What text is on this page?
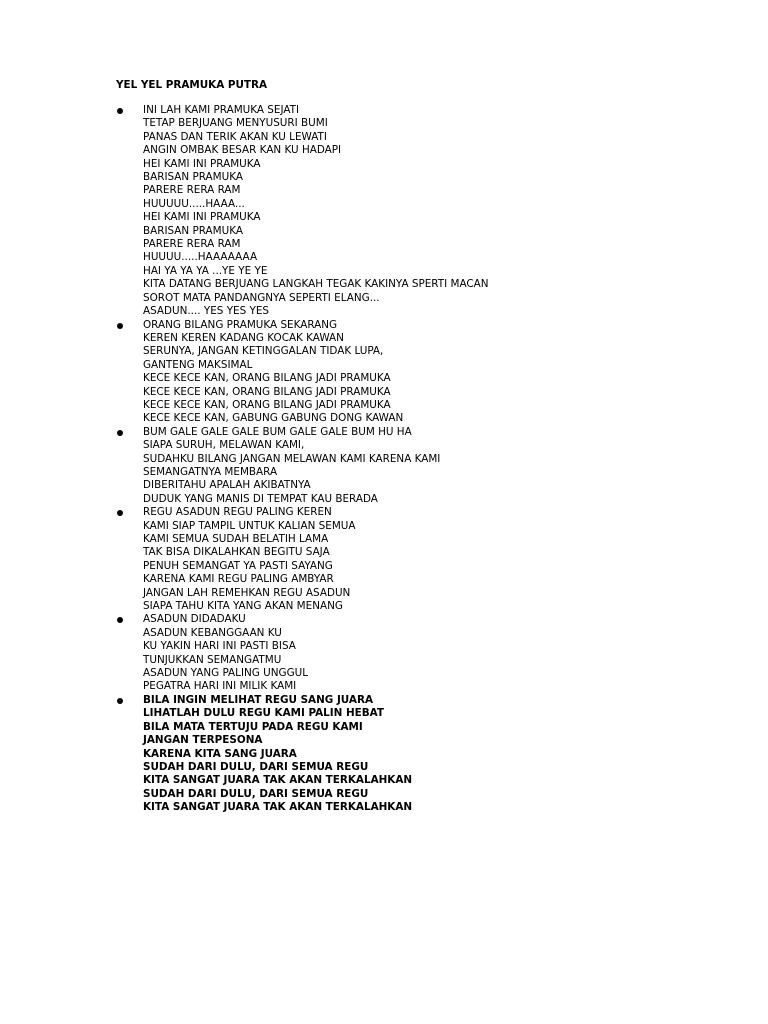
YEL YEL PRAMUKA PUTRA
INI LAH KAMI PRAMUKA SEJATI
TETAP BERJUANG MENYUSURI BUMI
PANAS DAN TERIK AKAN KU LEWATI
ANGIN OMBAK BESAR KAN KU HADAPI
HEI KAMI INI PRAMUKA
BARISAN PRAMUKA
PARERE RERA RAM
HUUUUU.....HAAA...
HEI KAMI INI PRAMUKA
BARISAN PRAMUKA
PARERE RERA RAM
HUUUU.....HAAAAAAA
HAI YA YA YA ...YE YE YE
KITA DATANG BERJUANG LANGKAH TEGAK KAKINYA SPERTI MACAN
SOROT MATA PANDANGNYA SEPERTI ELANG...
ASADUN.... YES YES YES
ORANG BILANG PRAMUKA SEKARANG
KEREN KEREN KADANG KOCAK KAWAN
SERUNYA, JANGAN KETINGGALAN TIDAK LUPA,
GANTENG MAKSIMAL
KECE KECE KAN, ORANG BILANG JADI PRAMUKA
KECE KECE KAN, ORANG BILANG JADI PRAMUKA
KECE KECE KAN, ORANG BILANG JADI PRAMUKA
KECE KECE KAN, GABUNG GABUNG DONG KAWAN
BUM GALE GALE GALE BUM GALE GALE BUM HU HA
SIAPA SURUH, MELAWAN KAMI,
SUDAHKU BILANG JANGAN MELAWAN KAMI KARENA KAMI
SEMANGATNYA MEMBARA
DIBERITAHU APALAH AKIBATNYA
DUDUK YANG MANIS DI TEMPAT KAU BERADA
REGU ASADUN REGU PALING KEREN
KAMI SIAP TAMPIL UNTUK KALIAN SEMUA
KAMI SEMUA SUDAH BELATIH LAMA
TAK BISA DIKALAHKAN BEGITU SAJA
PENUH SEMANGAT YA PASTI SAYANG
KARENA KAMI REGU PALING AMBYAR
JANGAN LAH REMEHKAN REGU ASADUN
SIAPA TAHU KITA YANG AKAN MENANG
ASADUN DIDADAKU
ASADUN KEBANGGAAN KU
KU YAKIN HARI INI PASTI BISA
TUNJUKKAN SEMANGATMU
ASADUN YANG PALING UNGGUL
PEGATRA HARI INI MILIK KAMI
BILA INGIN MELIHAT REGU SANG JUARA
LIHATLAH DULU REGU KAMI PALIN HEBAT
BILA MATA TERTUJU PADA REGU KAMI
JANGAN TERPESONA
KARENA KITA SANG JUARA
SUDAH DARI DULU, DARI SEMUA REGU
KITA SANGAT JUARA TAK AKAN TERKALAHKAN
SUDAH DARI DULU, DARI SEMUA REGU
KITA SANGAT JUARA TAK AKAN TERKALAHKAN
